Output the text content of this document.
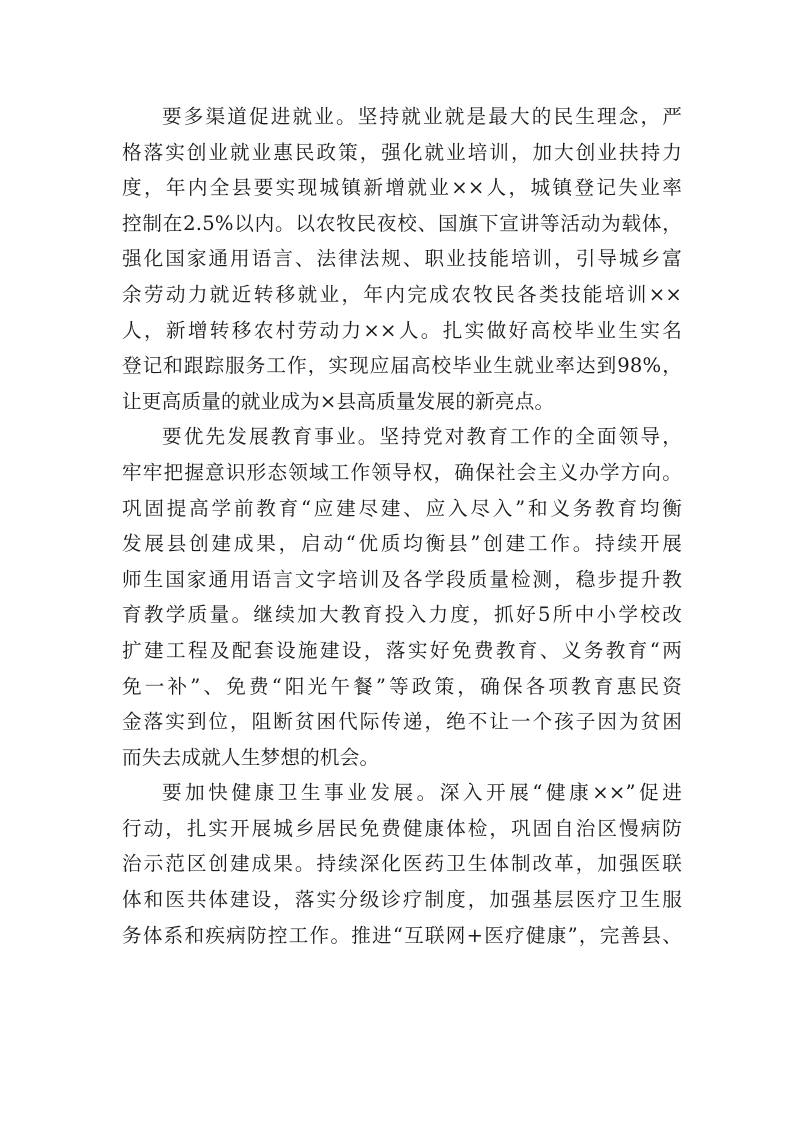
要多渠道促进就业。坚持就业就是最大的民生理念，严
格落实创业就业惠民政策，强化就业培训，加大创业扶持力
度，年内全县要实现城镇新增就业××人，城镇登记失业率
控制在2.5%以内。以农牧民夜校、国旗下宣讲等活动为载体，
强化国家通用语言、法律法规、职业技能培训，引导城乡富
余劳动力就近转移就业，年内完成农牧民各类技能培训××
人，新增转移农村劳动力××人。扎实做好高校毕业生实名
登记和跟踪服务工作，实现应届高校毕业生就业率达到98%，
让更高质量的就业成为×县高质量发展的新亮点。
要优先发展教育事业。坚持党对教育工作的全面领导，
牢牢把握意识形态领域工作领导权，确保社会主义办学方向。
巩固提高学前教育“应建尽建、应入尽入”和义务教育均衡
发展县创建成果，启动“优质均衡县”创建工作。持续开展
师生国家通用语言文字培训及各学段质量检测，稳步提升教
育教学质量。继续加大教育投入力度，抓好5所中小学校改
扩建工程及配套设施建设，落实好免费教育、义务教育“两
免一补”、免费“阳光午餐”等政策，确保各项教育惠民资
金落实到位，阻断贫困代际传递，绝不让一个孩子因为贫困
而失去成就人生梦想的机会。
要加快健康卫生事业发展。深入开展“健康××”促进
行动，扎实开展城乡居民免费健康体检，巩固自治区慢病防
治示范区创建成果。持续深化医药卫生体制改革，加强医联
体和医共体建设，落实分级诊疗制度，加强基层医疗卫生服
务体系和疾病防控工作。推进“互联网+医疗健康”，完善县、
